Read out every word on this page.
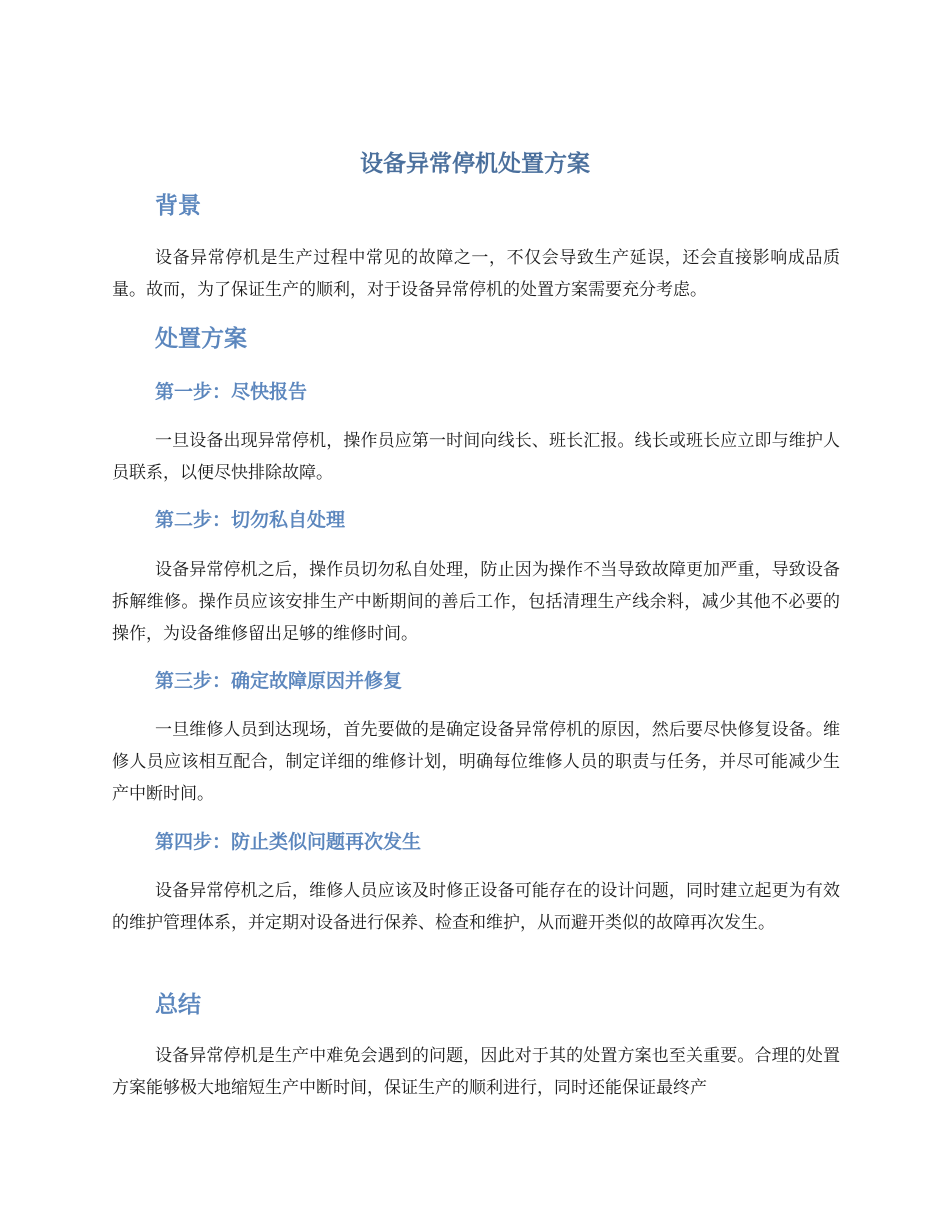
设备异常停机处置方案
背景

设备异常停机是生产过程中常见的故障之一，不仅会导致生产延误，还会直接影响成品质量。故而，为了保证生产的顺利，对于设备异常停机的处置方案需要充分考虑。

处置方案
第一步：尽快报告

一旦设备出现异常停机，操作员应第一时间向线长、班长汇报。线长或班长应立即与维护人员联系，以便尽快排除故障。

第二步：切勿私自处理

设备异常停机之后，操作员切勿私自处理，防止因为操作不当导致故障更加严重，导致设备拆解维修。操作员应该安排生产中断期间的善后工作，包括清理生产线余料，减少其他不必要的操作，为设备维修留出足够的维修时间。

第三步：确定故障原因并修复

一旦维修人员到达现场，首先要做的是确定设备异常停机的原因，然后要尽快修复设备。维修人员应该相互配合，制定详细的维修计划，明确每位维修人员的职责与任务，并尽可能减少生产中断时间。

第四步：防止类似问题再次发生

设备异常停机之后，维修人员应该及时修正设备可能存在的设计问题，同时建立起更为有效的维护管理体系，并定期对设备进行保养、检查和维护，从而避开类似的故障再次发生。

总结

设备异常停机是生产中难免会遇到的问题，因此对于其的处置方案也至关重要。合理的处置方案能够极大地缩短生产中断时间，保证生产的顺利进行，同时还能保证最终产
